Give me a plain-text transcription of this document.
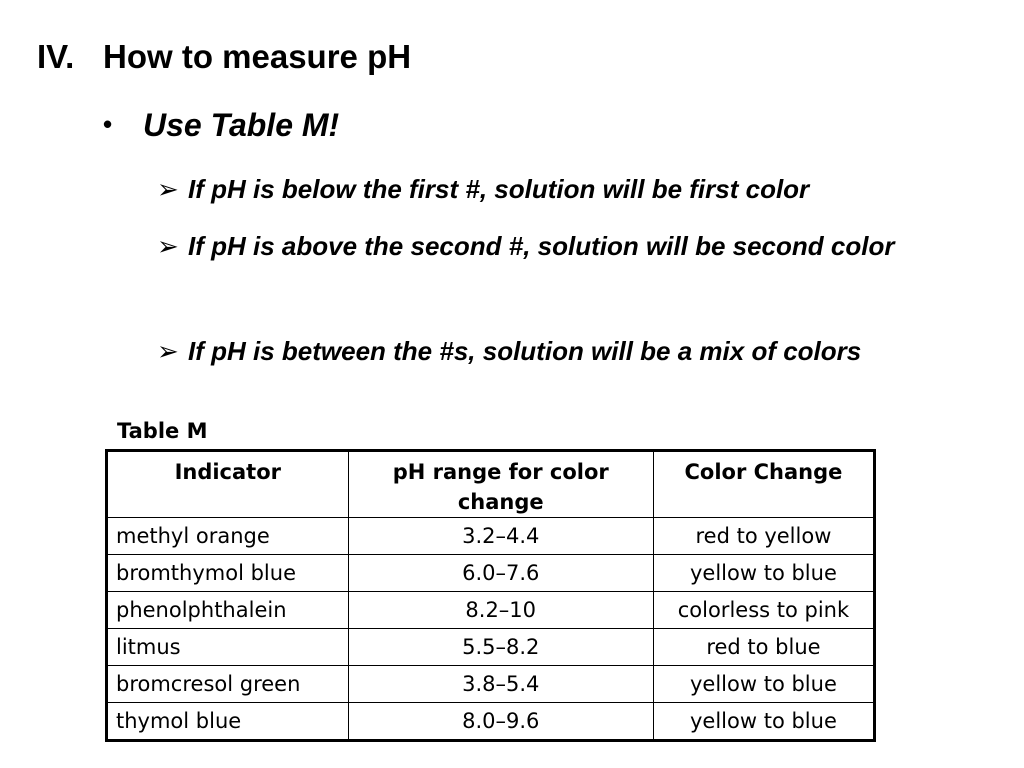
IV. How to measure pH
• Use Table M!
➢ If pH is below the first #, solution will be first color
➢ If pH is above the second #, solution will be second color
➢ If pH is between the #s, solution will be a mix of colors
Table M
Indicator	pH range for color change	Color Change
methyl orange	3.2–4.4	red to yellow
bromthymol blue	6.0–7.6	yellow to blue
phenolphthalein	8.2–10	colorless to pink
litmus	5.5–8.2	red to blue
bromcresol green	3.8–5.4	yellow to blue
thymol blue	8.0–9.6	yellow to blue
